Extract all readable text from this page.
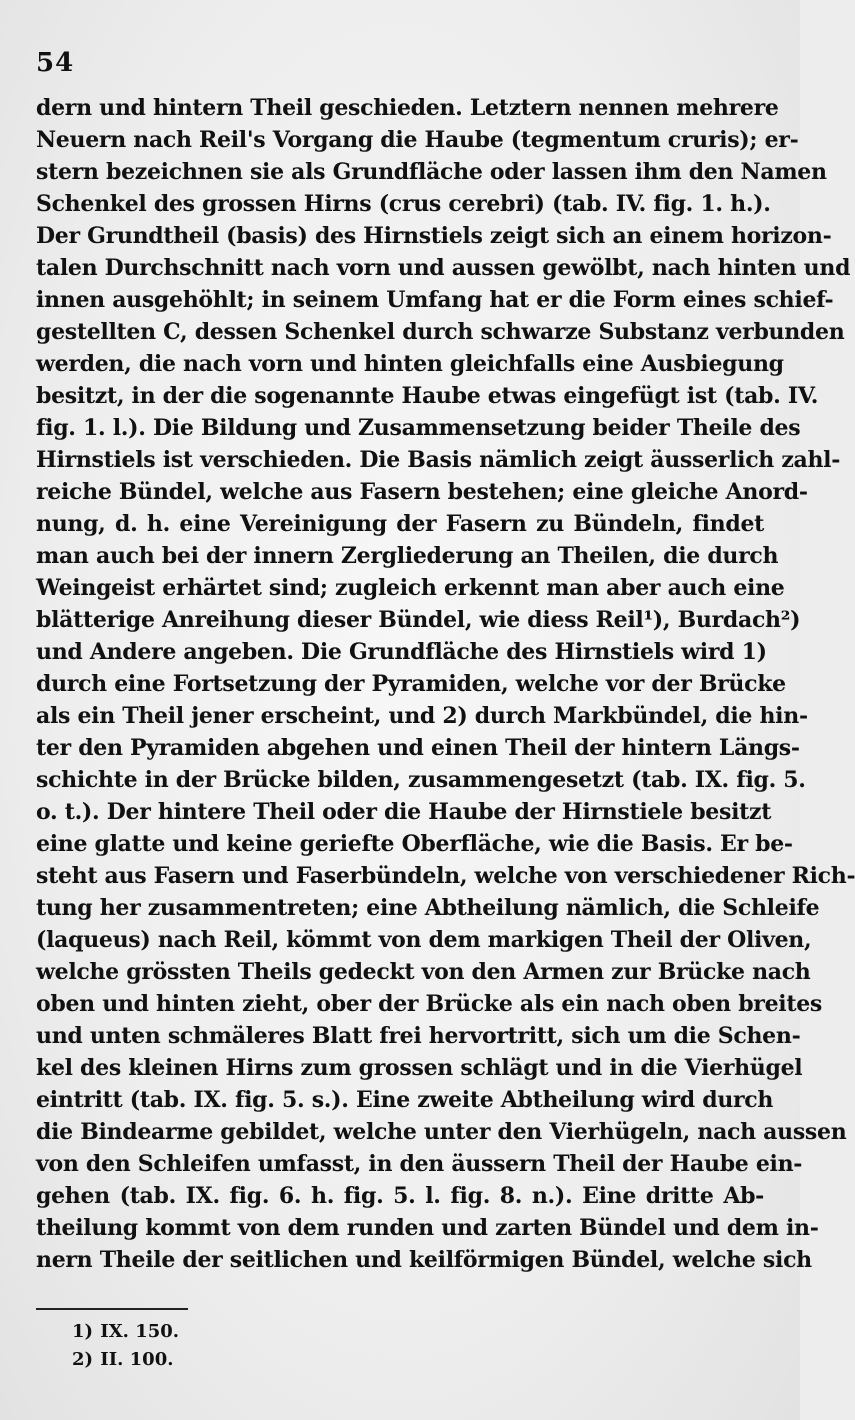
54
dern und hintern Theil geschieden. Letztern nennen mehrere
Neuern nach Reil's Vorgang die Haube (tegmentum cruris); er-
stern bezeichnen sie als Grundfläche oder lassen ihm den Namen
Schenkel des grossen Hirns (crus cerebri) (tab. IV. fig. 1. h.).
Der Grundtheil (basis) des Hirnstiels zeigt sich an einem horizon-
talen Durchschnitt nach vorn und aussen gewölbt, nach hinten und
innen ausgehöhlt; in seinem Umfang hat er die Form eines schief-
gestellten C, dessen Schenkel durch schwarze Substanz verbunden
werden, die nach vorn und hinten gleichfalls eine Ausbiegung
besitzt, in der die sogenannte Haube etwas eingefügt ist (tab. IV.
fig. 1. l.). Die Bildung und Zusammensetzung beider Theile des
Hirnstiels ist verschieden. Die Basis nämlich zeigt äusserlich zahl-
reiche Bündel, welche aus Fasern bestehen; eine gleiche Anord-
nung, d. h. eine Vereinigung der Fasern zu Bündeln, findet
man auch bei der innern Zergliederung an Theilen, die durch
Weingeist erhärtet sind; zugleich erkennt man aber auch eine
blätterige Anreihung dieser Bündel, wie diess Reil¹), Burdach²)
und Andere angeben. Die Grundfläche des Hirnstiels wird 1)
durch eine Fortsetzung der Pyramiden, welche vor der Brücke
als ein Theil jener erscheint, und 2) durch Markbündel, die hin-
ter den Pyramiden abgehen und einen Theil der hintern Längs-
schichte in der Brücke bilden, zusammengesetzt (tab. IX. fig. 5.
o. t.). Der hintere Theil oder die Haube der Hirnstiele besitzt
eine glatte und keine geriefte Oberfläche, wie die Basis. Er be-
steht aus Fasern und Faserbündeln, welche von verschiedener Rich-
tung her zusammentreten; eine Abtheilung nämlich, die Schleife
(laqueus) nach Reil, kömmt von dem markigen Theil der Oliven,
welche grössten Theils gedeckt von den Armen zur Brücke nach
oben und hinten zieht, ober der Brücke als ein nach oben breites
und unten schmäleres Blatt frei hervortritt, sich um die Schen-
kel des kleinen Hirns zum grossen schlägt und in die Vierhügel
eintritt (tab. IX. fig. 5. s.). Eine zweite Abtheilung wird durch
die Bindearme gebildet, welche unter den Vierhügeln, nach aussen
von den Schleifen umfasst, in den äussern Theil der Haube ein-
gehen (tab. IX. fig. 6. h. fig. 5. l. fig. 8. n.). Eine dritte Ab-
theilung kommt von dem runden und zarten Bündel und dem in-
nern Theile der seitlichen und keilförmigen Bündel, welche sich
1) IX. 150.
2) II. 100.
